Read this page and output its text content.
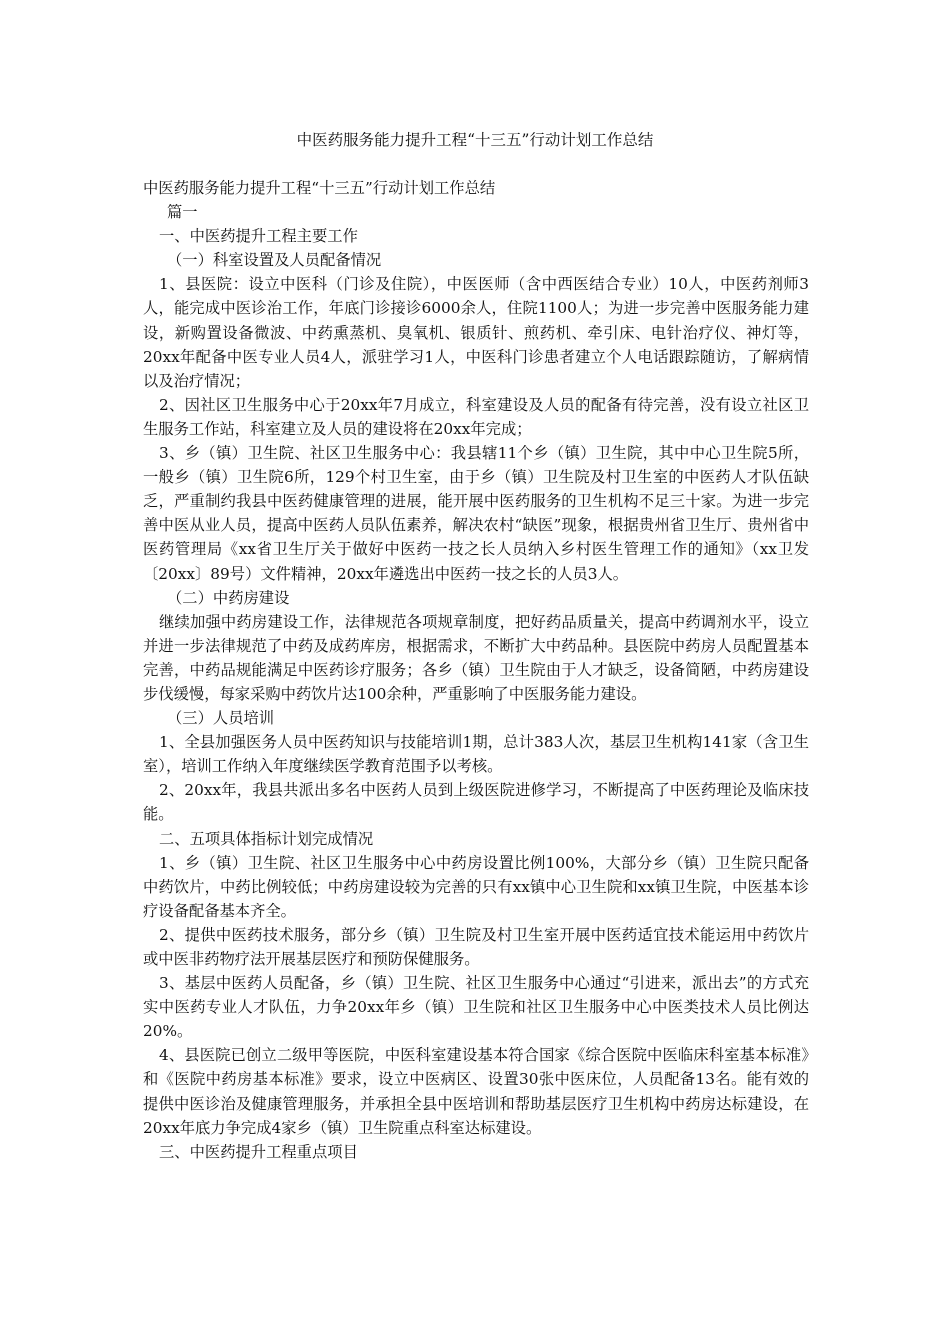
中医药服务能力提升工程“十三五”行动计划工作总结

中医药服务能力提升工程“十三五”行动计划工作总结

篇一

一、中医药提升工程主要工作

（一）科室设置及人员配备情况

1、县医院：设立中医科（门诊及住院），中医医师（含中西医结合专业）10人，中医药剂师3人，能完成中医诊治工作，年底门诊接诊6000余人，住院1100人；为进一步完善中医服务能力建设，新购置设备微波、中药熏蒸机、臭氧机、银质针、煎药机、牵引床、电针治疗仪、神灯等，20xx年配备中医专业人员4人，派驻学习1人，中医科门诊患者建立个人电话跟踪随访，了解病情以及治疗情况；

2、因社区卫生服务中心于20xx年7月成立，科室建设及人员的配备有待完善，没有设立社区卫生服务工作站，科室建立及人员的建设将在20xx年完成；

3、乡（镇）卫生院、社区卫生服务中心：我县辖11个乡（镇）卫生院，其中中心卫生院5所，一般乡（镇）卫生院6所，129个村卫生室，由于乡（镇）卫生院及村卫生室的中医药人才队伍缺乏，严重制约我县中医药健康管理的进展，能开展中医药服务的卫生机构不足三十家。为进一步完善中医从业人员，提高中医药人员队伍素养，解决农村“缺医”现象，根据贵州省卫生厅、贵州省中医药管理局《xx省卫生厅关于做好中医药一技之长人员纳入乡村医生管理工作的通知》（xx卫发〔20xx〕89号）文件精神，20xx年遴选出中医药一技之长的人员3人。

（二）中药房建设

继续加强中药房建设工作，法律规范各项规章制度，把好药品质量关，提高中药调剂水平，设立并进一步法律规范了中药及成药库房，根据需求，不断扩大中药品种。县医院中药房人员配置基本完善，中药品规能满足中医药诊疗服务；各乡（镇）卫生院由于人才缺乏，设备简陋，中药房建设步伐缓慢，每家采购中药饮片达100余种，严重影响了中医服务能力建设。

（三）人员培训

1、全县加强医务人员中医药知识与技能培训1期，总计383人次，基层卫生机构141家（含卫生室），培训工作纳入年度继续医学教育范围予以考核。

2、20xx年，我县共派出多名中医药人员到上级医院进修学习，不断提高了中医药理论及临床技能。

二、五项具体指标计划完成情况

1、乡（镇）卫生院、社区卫生服务中心中药房设置比例100%，大部分乡（镇）卫生院只配备中药饮片，中药比例较低；中药房建设较为完善的只有xx镇中心卫生院和xx镇卫生院，中医基本诊疗设备配备基本齐全。

2、提供中医药技术服务，部分乡（镇）卫生院及村卫生室开展中医药适宜技术能运用中药饮片或中医非药物疗法开展基层医疗和预防保健服务。

3、基层中医药人员配备，乡（镇）卫生院、社区卫生服务中心通过“引进来，派出去”的方式充实中医药专业人才队伍，力争20xx年乡（镇）卫生院和社区卫生服务中心中医类技术人员比例达20%。

4、县医院已创立二级甲等医院，中医科室建设基本符合国家《综合医院中医临床科室基本标准》和《医院中药房基本标准》要求，设立中医病区、设置30张中医床位，人员配备13名。能有效的提供中医诊治及健康管理服务，并承担全县中医培训和帮助基层医疗卫生机构中药房达标建设，在20xx年底力争完成4家乡（镇）卫生院重点科室达标建设。

三、中医药提升工程重点项目
